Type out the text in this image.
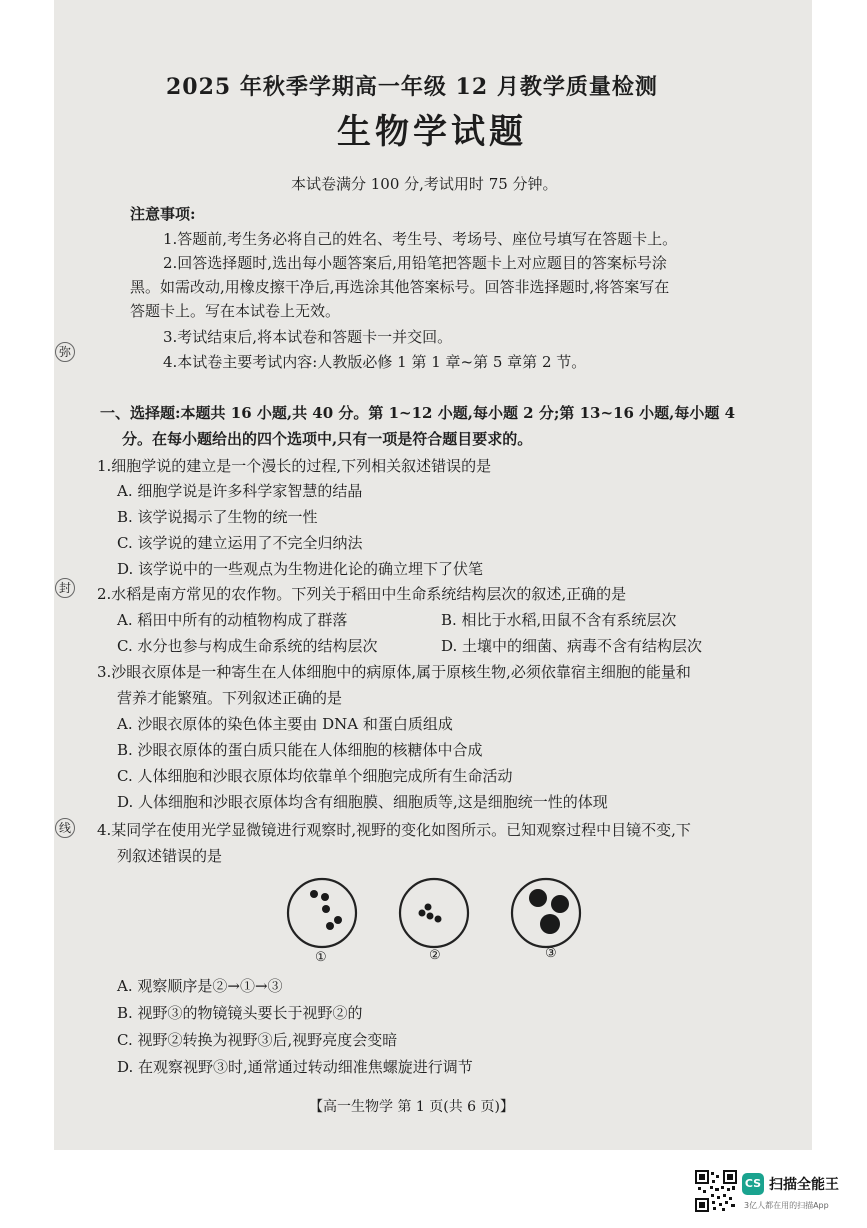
2025 年秋季学期高一年级 12 月教学质量检测
生物学试题
本试卷满分 100 分,考试用时 75 分钟。
注意事项:
1.答题前,考生务必将自己的姓名、考生号、考场号、座位号填写在答题卡上。
2.回答选择题时,选出每小题答案后,用铅笔把答题卡上对应题目的答案标号涂
黑。如需改动,用橡皮擦干净后,再选涂其他答案标号。回答非选择题时,将答案写在
答题卡上。写在本试卷上无效。
3.考试结束后,将本试卷和答题卡一并交回。
4.本试卷主要考试内容:人教版必修 1 第 1 章~第 5 章第 2 节。
弥
封
线
一、选择题:本题共 16 小题,共 40 分。第 1~12 小题,每小题 2 分;第 13~16 小题,每小题 4
分。在每小题给出的四个选项中,只有一项是符合题目要求的。
1.细胞学说的建立是一个漫长的过程,下列相关叙述错误的是
A. 细胞学说是许多科学家智慧的结晶
B. 该学说揭示了生物的统一性
C. 该学说的建立运用了不完全归纳法
D. 该学说中的一些观点为生物进化论的确立埋下了伏笔
2.水稻是南方常见的农作物。下列关于稻田中生命系统结构层次的叙述,正确的是
A. 稻田中所有的动植物构成了群落	B. 相比于水稻,田鼠不含有系统层次
C. 水分也参与构成生命系统的结构层次	D. 土壤中的细菌、病毒不含有结构层次
3.沙眼衣原体是一种寄生在人体细胞中的病原体,属于原核生物,必须依靠宿主细胞的能量和
营养才能繁殖。下列叙述正确的是
A. 沙眼衣原体的染色体主要由 DNA 和蛋白质组成
B. 沙眼衣原体的蛋白质只能在人体细胞的核糖体中合成
C. 人体细胞和沙眼衣原体均依靠单个细胞完成所有生命活动
D. 人体细胞和沙眼衣原体均含有细胞膜、细胞质等,这是细胞统一性的体现
4.某同学在使用光学显微镜进行观察时,视野的变化如图所示。已知观察过程中目镜不变,下
列叙述错误的是
①	②	③
A. 观察顺序是②→①→③
B. 视野③的物镜镜头要长于视野②的
C. 视野②转换为视野③后,视野亮度会变暗
D. 在观察视野③时,通常通过转动细准焦螺旋进行调节
【高一生物学 第 1 页(共 6 页)】
CS 扫描全能王
3亿人都在用的扫描App
